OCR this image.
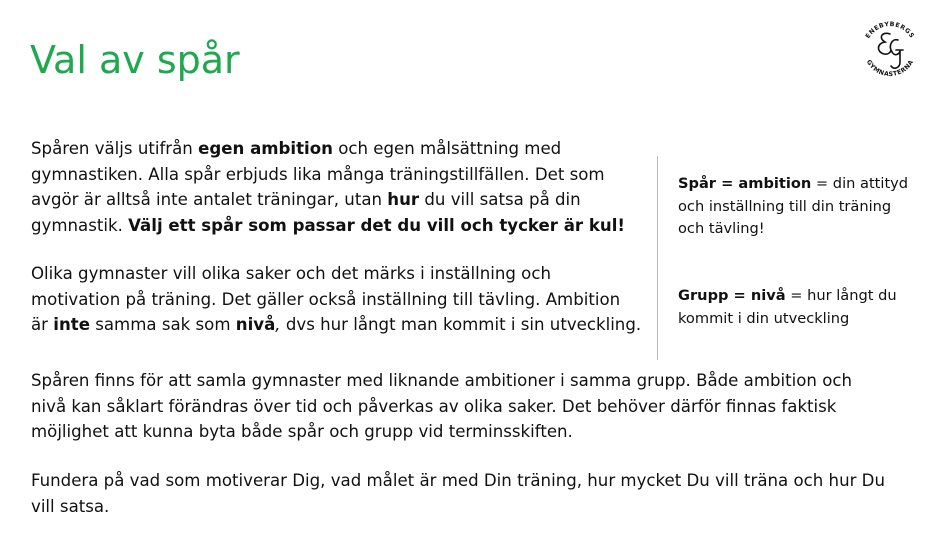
Val av spår
ENEBYBERGS
GYMNASTERNA

Spåren väljs utifrån egen ambition och egen målsättning med
gymnastiken. Alla spår erbjuds lika många träningstillfällen. Det som
avgör är alltså inte antalet träningar, utan hur du vill satsa på din
gymnastik. Välj ett spår som passar det du vill och tycker är kul!

Olika gymnaster vill olika saker och det märks i inställning och
motivation på träning. Det gäller också inställning till tävling. Ambition
är inte samma sak som nivå, dvs hur långt man kommit i sin utveckling.

Spåren finns för att samla gymnaster med liknande ambitioner i samma grupp. Både ambition och
nivå kan såklart förändras över tid och påverkas av olika saker. Det behöver därför finnas faktisk
möjlighet att kunna byta både spår och grupp vid terminsskiften.

Fundera på vad som motiverar Dig, vad målet är med Din träning, hur mycket Du vill träna och hur Du
vill satsa.

Spår = ambition = din attityd
och inställning till din träning
och tävling!

Grupp = nivå = hur långt du
kommit i din utveckling
